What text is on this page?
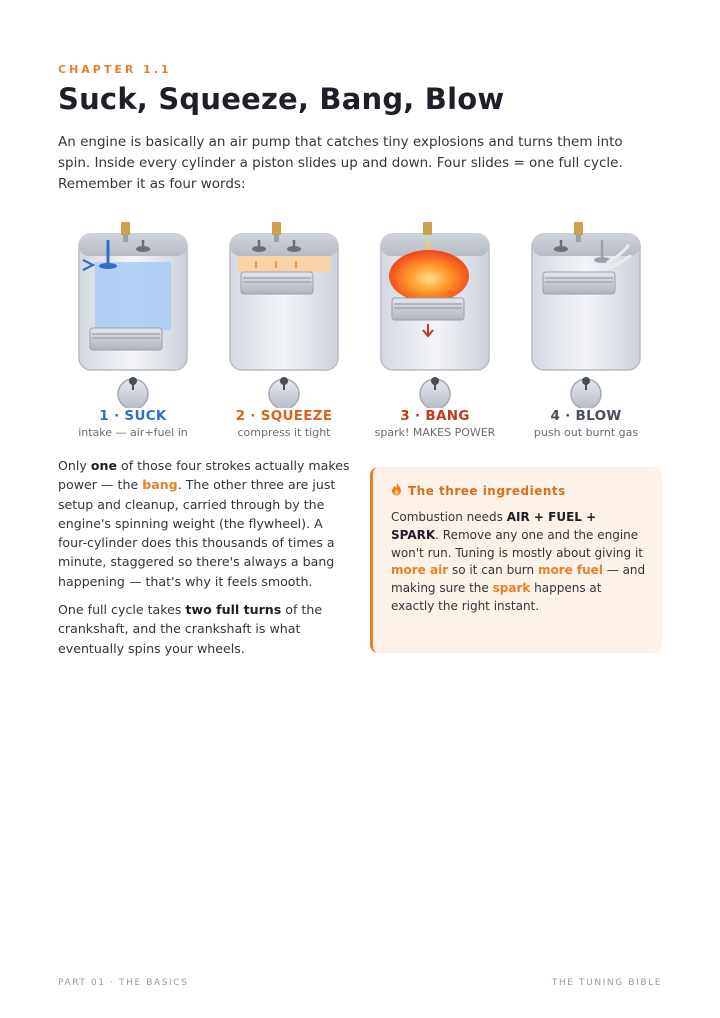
CHAPTER 1.1
Suck, Squeeze, Bang, Blow

An engine is basically an air pump that catches tiny explosions and turns them into spin. Inside every cylinder a piston slides up and down. Four slides = one full cycle. Remember it as four words:

1 · SUCK
intake — air+fuel in
2 · SQUEEZE
compress it tight
3 · BANG
spark! MAKES POWER
4 · BLOW
push out burnt gas

Only one of those four strokes actually makes power — the bang. The other three are just setup and cleanup, carried through by the engine's spinning weight (the flywheel). A four-cylinder does this thousands of times a minute, staggered so there's always a bang happening — that's why it feels smooth.

One full cycle takes two full turns of the crankshaft, and the crankshaft is what eventually spins your wheels.

The three ingredients

Combustion needs AIR + FUEL + SPARK. Remove any one and the engine won't run. Tuning is mostly about giving it more air so it can burn more fuel — and making sure the spark happens at exactly the right instant.

PART 01 · THE BASICS	THE TUNING BIBLE
